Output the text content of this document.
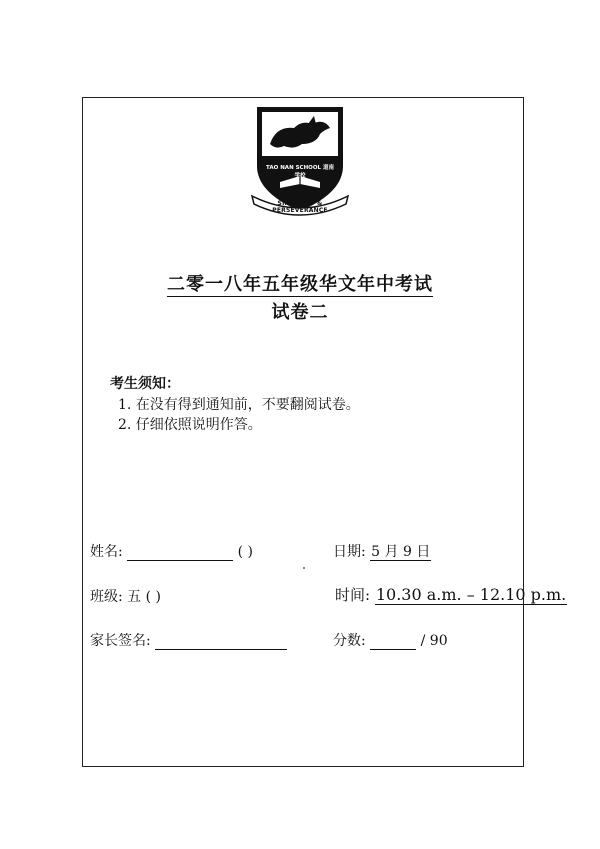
TAO NAN SCHOOL 道南学校
SINCERITY & PERSEVERANCE
二零一八年五年级华文年中考试
试卷二
考生须知：
1. 在没有得到通知前，不要翻阅试卷。
2. 仔细依照说明作答。
姓名:	( )
班级: 五 ( )
家长签名:
日期: 5 月 9 日
时间: 10.30 a.m. – 12.10 p.m.
分数:	/ 90
